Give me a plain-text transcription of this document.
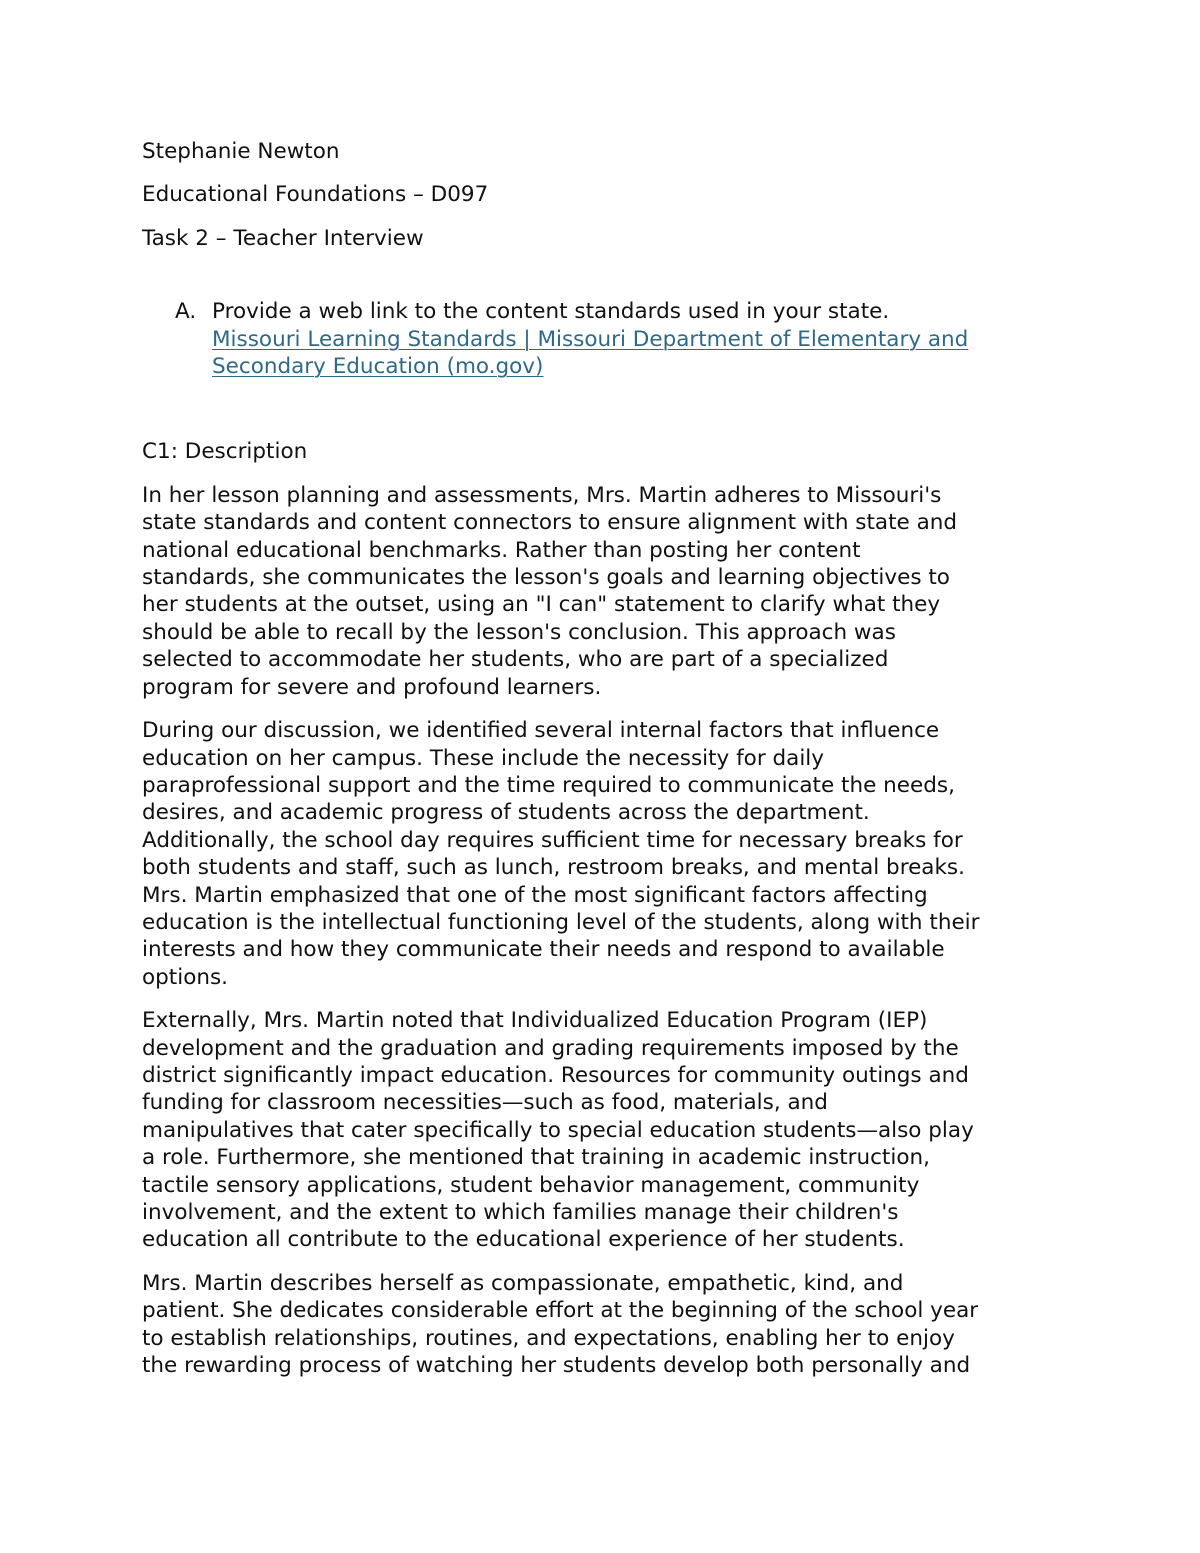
Stephanie Newton

Educational Foundations – D097

Task 2 – Teacher Interview

A. Provide a web link to the content standards used in your state.

Missouri Learning Standards | Missouri Department of Elementary and

Secondary Education (mo.gov)

C1: Description

In her lesson planning and assessments, Mrs. Martin adheres to Missouri's

state standards and content connectors to ensure alignment with state and

national educational benchmarks. Rather than posting her content

standards, she communicates the lesson's goals and learning objectives to

her students at the outset, using an "I can" statement to clarify what they

should be able to recall by the lesson's conclusion. This approach was

selected to accommodate her students, who are part of a specialized

program for severe and profound learners.

During our discussion, we identified several internal factors that influence

education on her campus. These include the necessity for daily

paraprofessional support and the time required to communicate the needs,

desires, and academic progress of students across the department.

Additionally, the school day requires sufficient time for necessary breaks for

both students and staff, such as lunch, restroom breaks, and mental breaks.

Mrs. Martin emphasized that one of the most significant factors affecting

education is the intellectual functioning level of the students, along with their

interests and how they communicate their needs and respond to available

options.

Externally, Mrs. Martin noted that Individualized Education Program (IEP)

development and the graduation and grading requirements imposed by the

district significantly impact education. Resources for community outings and

funding for classroom necessities—such as food, materials, and

manipulatives that cater specifically to special education students—also play

a role. Furthermore, she mentioned that training in academic instruction,

tactile sensory applications, student behavior management, community

involvement, and the extent to which families manage their children's

education all contribute to the educational experience of her students.

Mrs. Martin describes herself as compassionate, empathetic, kind, and

patient. She dedicates considerable effort at the beginning of the school year

to establish relationships, routines, and expectations, enabling her to enjoy

the rewarding process of watching her students develop both personally and
